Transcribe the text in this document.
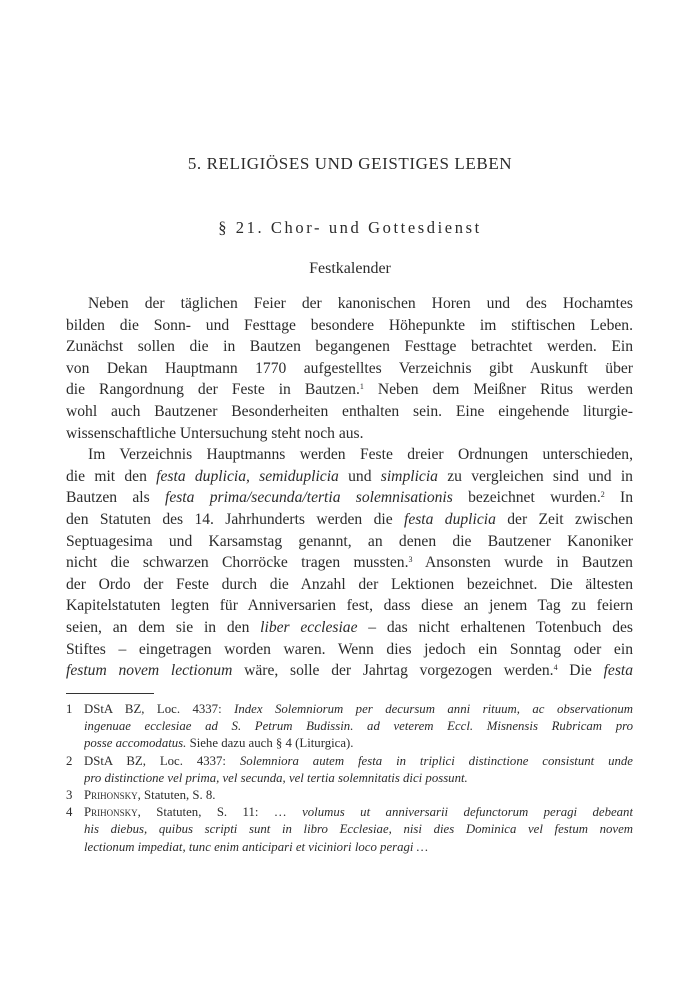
5. RELIGIÖSES UND GEISTIGES LEBEN
§ 21. Chor- und Gottesdienst
Festkalender
Neben der täglichen Feier der kanonischen Horen und des Hochamtes
bilden die Sonn- und Festtage besondere Höhepunkte im stiftischen Leben.
Zunächst sollen die in Bautzen begangenen Festtage betrachtet werden. Ein
von Dekan Hauptmann 1770 aufgestelltes Verzeichnis gibt Auskunft über
die Rangordnung der Feste in Bautzen.$^1$ Neben dem Meißner Ritus werden
wohl auch Bautzener Besonderheiten enthalten sein. Eine eingehende liturgie-
wissenschaftliche Untersuchung steht noch aus.
Im Verzeichnis Hauptmanns werden Feste dreier Ordnungen unterschieden,
die mit den festa duplicia, semiduplicia und simplicia zu vergleichen sind und in
Bautzen als festa prima/secunda/tertia solemnisationis bezeichnet wurden.$^2$ In
den Statuten des 14. Jahrhunderts werden die festa duplicia der Zeit zwischen
Septuagesima und Karsamstag genannt, an denen die Bautzener Kanoniker
nicht die schwarzen Chorröcke tragen mussten.$^3$ Ansonsten wurde in Bautzen
der Ordo der Feste durch die Anzahl der Lektionen bezeichnet. Die ältesten
Kapitelstatuten legten für Anniversarien fest, dass diese an jenem Tag zu feiern
seien, an dem sie in den liber ecclesiae – das nicht erhaltenen Totenbuch des
Stiftes – eingetragen worden waren. Wenn dies jedoch ein Sonntag oder ein
festum novem lectionum wäre, solle der Jahrtag vorgezogen werden.$^4$ Die festa
1 DStA BZ, Loc. 4337: Index Solemniorum per decursum anni rituum, ac observationum
ingenuae ecclesiae ad S. Petrum Budissin. ad veterem Eccl. Misnensis Rubricam pro
posse accomodatus. Siehe dazu auch § 4 (Liturgica).
2 DStA BZ, Loc. 4337: Solemniora autem festa in triplici distinctione consistunt unde
pro distinctione vel prima, vel secunda, vel tertia solemnitatis dici possunt.
3 Prihonsky, Statuten, S. 8.
4 Prihonsky, Statuten, S. 11: … volumus ut anniversarii defunctorum peragi debeant
his diebus, quibus scripti sunt in libro Ecclesiae, nisi dies Dominica vel festum novem
lectionum impediat, tunc enim anticipari et viciniori loco peragi …
